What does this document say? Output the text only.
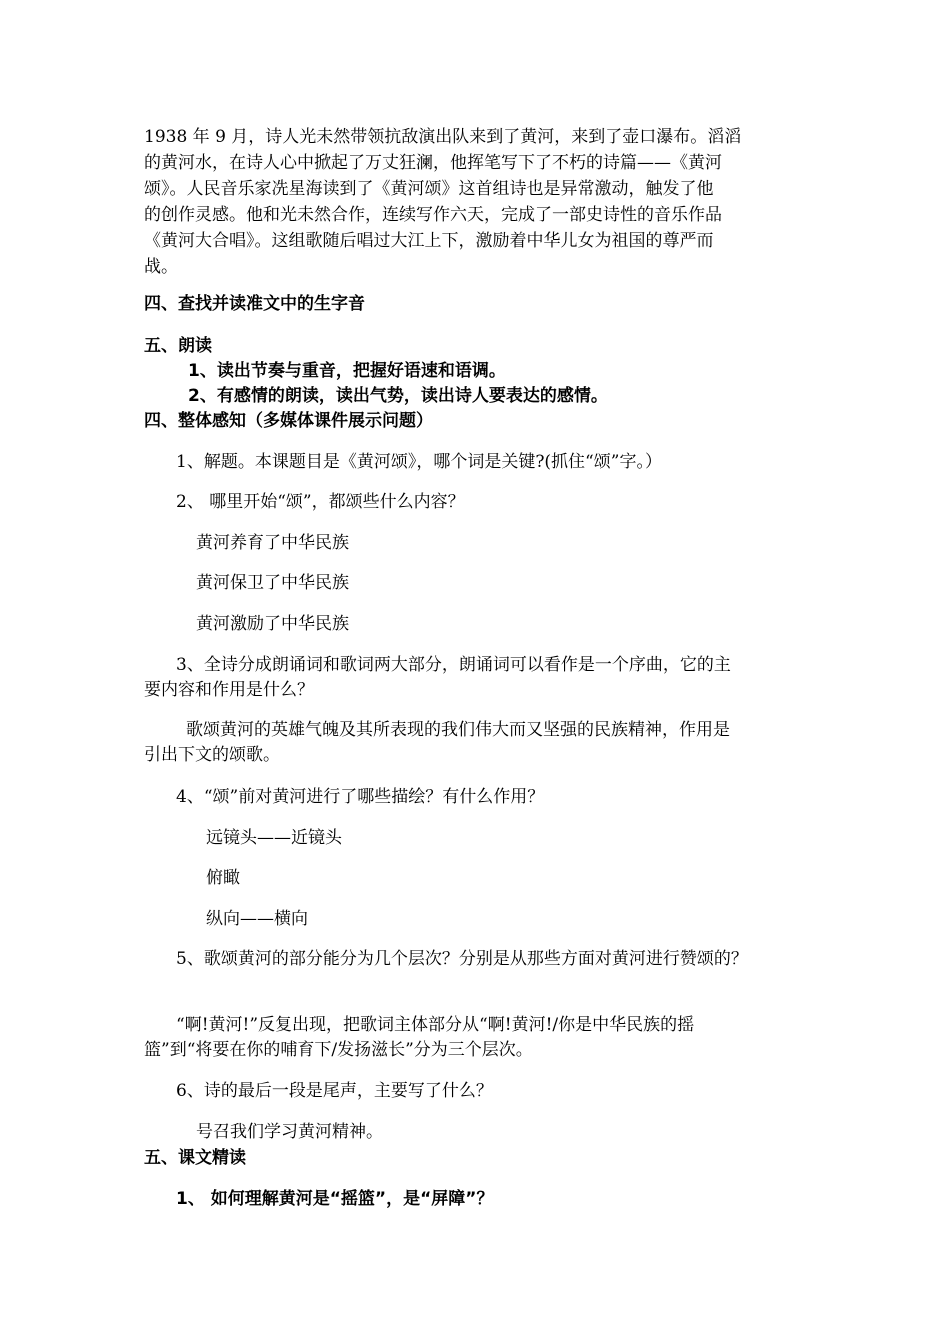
1938 年 9 月，诗人光未然带领抗敌演出队来到了黄河，来到了壶口瀑布。滔滔
的黄河水，在诗人心中掀起了万丈狂澜，他挥笔写下了不朽的诗篇——《黄河
颂》。人民音乐家冼星海读到了《黄河颂》这首组诗也是异常激动，触发了他
的创作灵感。他和光未然合作，连续写作六天，完成了一部史诗性的音乐作品
《黄河大合唱》。这组歌随后唱过大江上下，激励着中华儿女为祖国的尊严而
战。
四、查找并读准文中的生字音
五、朗读
1、读出节奏与重音，把握好语速和语调。
2、有感情的朗读，读出气势，读出诗人要表达的感情。
四、整体感知（多媒体课件展示问题）
1、解题。本课题目是《黄河颂》，哪个词是关键?(抓住“颂”字。）
2、 哪里开始“颂”，都颂些什么内容？
黄河养育了中华民族
黄河保卫了中华民族
黄河激励了中华民族
3、全诗分成朗诵词和歌词两大部分，朗诵词可以看作是一个序曲，它的主
要内容和作用是什么？
歌颂黄河的英雄气魄及其所表现的我们伟大而又坚强的民族精神，作用是
引出下文的颂歌。
4、“颂”前对黄河进行了哪些描绘？有什么作用？
远镜头——近镜头
俯瞰
纵向——横向
5、歌颂黄河的部分能分为几个层次？分别是从那些方面对黄河进行赞颂的？
“啊!黄河!”反复出现，把歌词主体部分从“啊!黄河!/你是中华民族的摇
篮”到“将要在你的哺育下/发扬滋长”分为三个层次。
6、诗的最后一段是尾声，主要写了什么？
号召我们学习黄河精神。
五、课文精读
1、 如何理解黄河是“摇篮”，是“屏障”？
